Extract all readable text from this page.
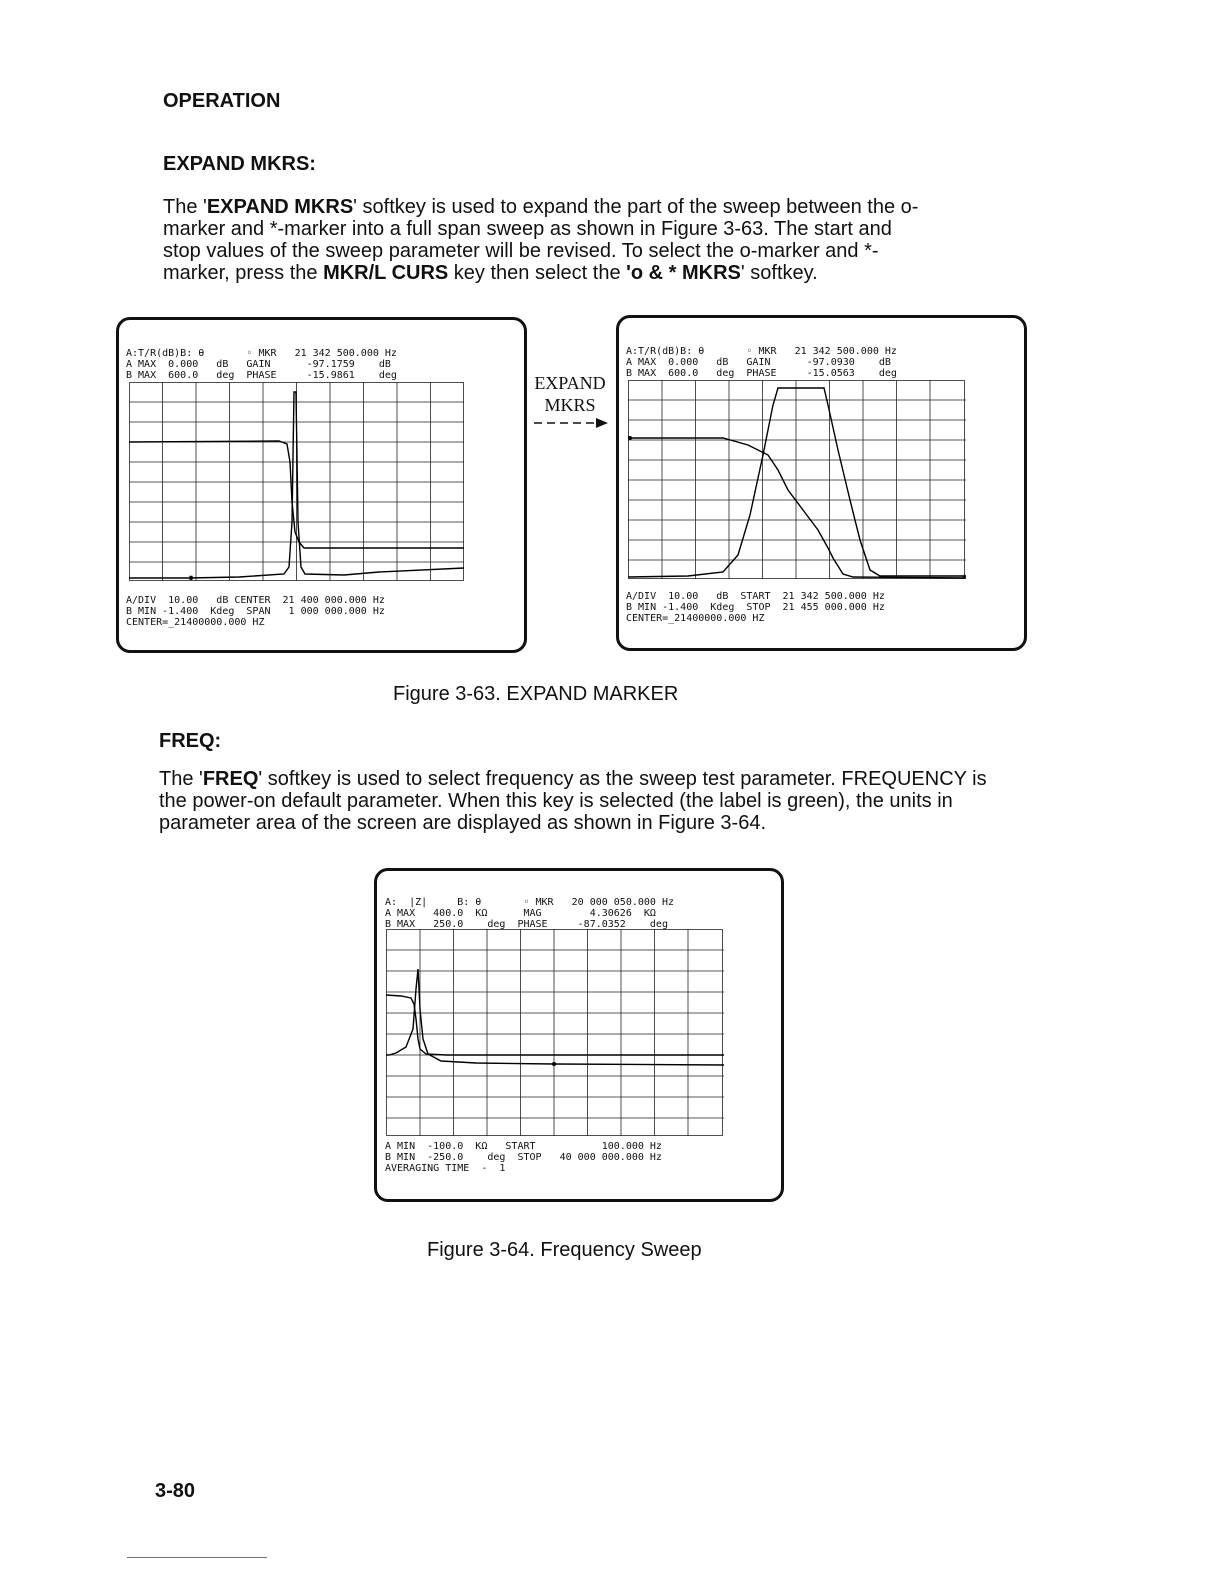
OPERATION
EXPAND MKRS:
The 'EXPAND MKRS' softkey is used to expand the part of the sweep between the o-marker and *-marker into a full span sweep as shown in Figure 3-63. The start and stop values of the sweep parameter will be revised. To select the o-marker and *-marker, press the MKR/L CURS key then select the 'o & * MKRS' softkey.
A:T/R(dB)B: θ       ◦ MKR   21 342 500.000 Hz
A MAX  0.000   dB   GAIN      -97.1759    dB
B MAX  600.0   deg  PHASE     -15.9861    deg
*
A/DIV  10.00   dB CENTER  21 400 000.000 Hz
B MIN -1.400  Kdeg  SPAN   1 000 000.000 Hz
CENTER=_21400000.000 HZ
EXPAND
MKRS
A:T/R(dB)B: θ       ◦ MKR   21 342 500.000 Hz
A MAX  0.000   dB   GAIN      -97.0930    dB
B MAX  600.0   deg  PHASE     -15.0563    deg
*
A/DIV  10.00   dB  START  21 342 500.000 Hz
B MIN -1.400  Kdeg  STOP  21 455 000.000 Hz
CENTER=_21400000.000 HZ
Figure 3-63. EXPAND MARKER
FREQ:
The 'FREQ' softkey is used to select frequency as the sweep test parameter. FREQUENCY is the power-on default parameter. When this key is selected (the label is green), the units in parameter area of the screen are displayed as shown in Figure 3-64.
A:  |Z|     B: θ       ◦ MKR   20 000 050.000 Hz
A MAX   400.0  KΩ      MAG        4.30626  KΩ
B MAX   250.0    deg  PHASE     -87.0352    deg
A MIN  -100.0  KΩ   START           100.000 Hz
B MIN  -250.0    deg  STOP   40 000 000.000 Hz
AVERAGING TIME  -  1
Figure 3-64. Frequency Sweep
3-80
